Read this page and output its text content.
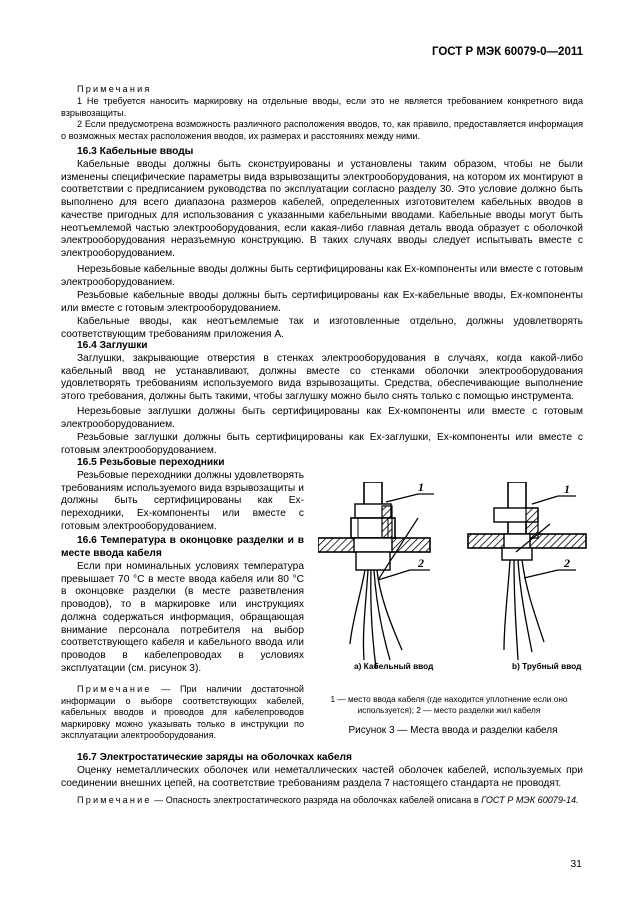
ГОСТ Р МЭК 60079-0—2011

Примечания

1 Не требуется наносить маркировку на отдельные вводы, если это не является требованием конкретного вида взрывозащиты.

2 Если предусмотрена возможность различного расположения вводов, то, как правило, предоставляется информация о возможных местах расположения вводов, их размерах и расстояниях между ними.

16.3 Кабельные вводы

Кабельные вводы должны быть сконструированы и установлены таким образом, чтобы не были изменены специфические параметры вида взрывозащиты электрооборудования, на котором их монтируют в соответствии с предписанием руководства по эксплуатации согласно разделу 30. Это условие должно быть выполнено для всего диапазона размеров кабелей, определенных изготовителем кабельных вводов в качестве пригодных для использования с указанными кабельными вводами. Кабельные вводы могут быть неотъемлемой частью электрооборудования, если какая-либо главная деталь ввода образует с оболочкой электрооборудования неразъемную конструкцию. В таких случаях вводы следует испытывать вместе с электрооборудованием.

Нерезьбовые кабельные вводы должны быть сертифицированы как Ех-компоненты или вместе с готовым электрооборудованием.

Резьбовые кабельные вводы должны быть сертифицированы как Ех-кабельные вводы, Ех-компоненты или вместе с готовым электрооборудованием.

Кабельные вводы, как неотъемлемые так и изготовленные отдельно, должны удовлетворять соответствующим требованиям приложения А.

16.4 Заглушки

Заглушки, закрывающие отверстия в стенках электрооборудования в случаях, когда какой-либо кабельный ввод не устанавливают, должны вместе со стенками оболочки электрооборудования удовлетворять требованиям используемого вида взрывозащиты. Средства, обеспечивающие выполнение этого требования, должны быть такими, чтобы заглушку можно было снять только с помощью инструмента.

Нерезьбовые заглушки должны быть сертифицированы как Ех-компоненты или вместе с готовым электрооборудованием.

Резьбовые заглушки должны быть сертифицированы как Ех-заглушки, Ех-компоненты или вместе с готовым электрооборудованием.

16.5 Резьбовые переходники

Резьбовые переходники должны удовлетворять требованиям используемого вида взрывозащиты и должны быть сертифицированы как Ех-переходники, Ех-компоненты или вместе с готовым электрооборудованием.

16.6 Температура в оконцовке разделки и в месте ввода кабеля

Если при номинальных условиях температура превышает 70 °С в месте ввода кабеля или 80 °С в оконцовке разделки (в месте разветвления проводов), то в маркировке или инструкциях должна содержаться информация, обращающая внимание персонала потребителя на выбор соответствующего кабеля и кабельного ввода или проводов в кабелепроводах в условиях эксплуатации (см. рисунок 3).

Примечание — При наличии достаточной информации о выборе соответствующих кабелей, кабельных вводов и проводов для кабелепроводов маркировку можно указывать только в инструкции по эксплуатации электрооборудования.

1
2
1
2
а) Кабельный ввод	b) Трубный ввод
1 — место ввода кабеля (где находится уплотнение если оно используется); 2 — место разделки жил кабеля
Рисунок 3 — Места ввода и разделки кабеля

16.7 Электростатические заряды на оболочках кабеля

Оценку неметаллических оболочек или неметаллических частей оболочек кабелей, используемых при соединении внешних цепей, на соответствие требованиям раздела 7 настоящего стандарта не проводят.

Примечание — Опасность электростатического разряда на оболочках кабелей описана в ГОСТ Р МЭК 60079-14.

31
